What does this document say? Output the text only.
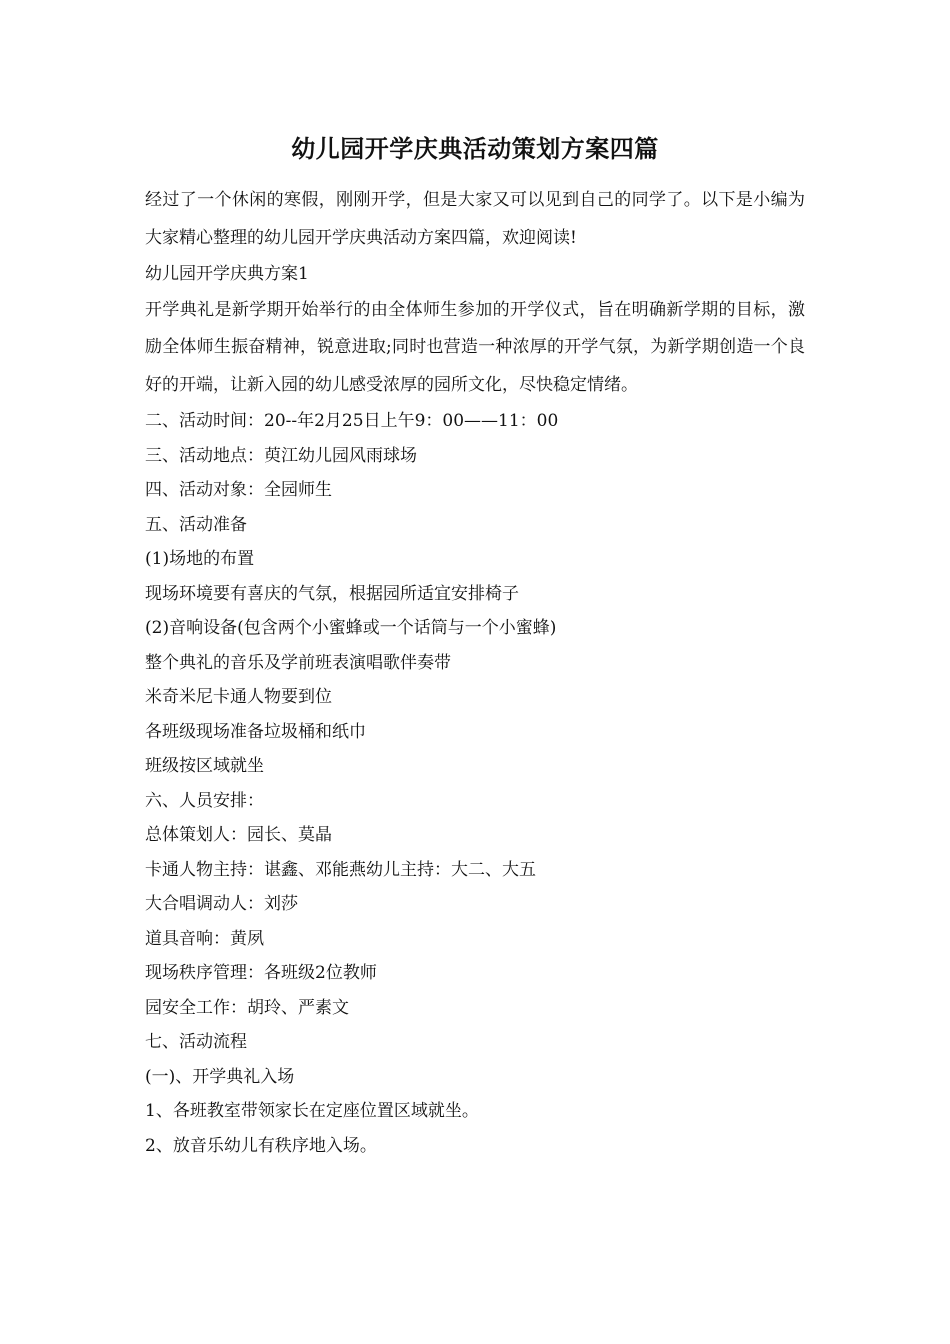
幼儿园开学庆典活动策划方案四篇

经过了一个休闲的寒假，刚刚开学，但是大家又可以见到自己的同学了。以下是小编为大家精心整理的幼儿园开学庆典活动方案四篇，欢迎阅读!

幼儿园开学庆典方案1

开学典礼是新学期开始举行的由全体师生参加的开学仪式，旨在明确新学期的目标，激励全体师生振奋精神，锐意进取;同时也营造一种浓厚的开学气氛，为新学期创造一个良好的开端，让新入园的幼儿感受浓厚的园所文化，尽快稳定情绪。

二、活动时间：20--年2月25日上午9：00——11：00

三、活动地点：萸江幼儿园风雨球场

四、活动对象：全园师生

五、活动准备

(1)场地的布置

现场环境要有喜庆的气氛，根据园所适宜安排椅子

(2)音响设备(包含两个小蜜蜂或一个话筒与一个小蜜蜂)

整个典礼的音乐及学前班表演唱歌伴奏带

米奇米尼卡通人物要到位

各班级现场准备垃圾桶和纸巾

班级按区域就坐

六、人员安排：

总体策划人：园长、莫晶

卡通人物主持：谌鑫、邓能燕幼儿主持：大二、大五

大合唱调动人：刘莎

道具音响：黄夙

现场秩序管理：各班级2位教师

园安全工作：胡玲、严素文

七、活动流程

(一)、开学典礼入场

1、各班教室带领家长在定座位置区域就坐。

2、放音乐幼儿有秩序地入场。
